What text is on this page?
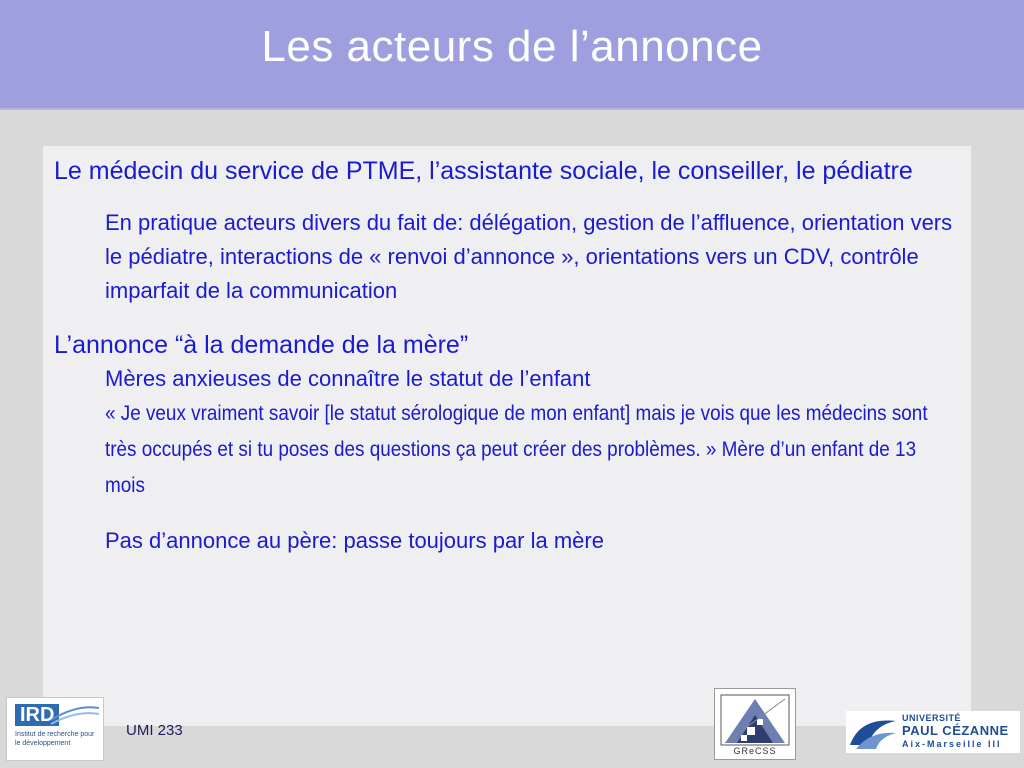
Les acteurs de l’annonce

Le médecin du service de PTME, l’assistante sociale, le conseiller, le pédiatre

En pratique acteurs divers du fait de: délégation, gestion de l’affluence, orientation vers le pédiatre, interactions de « renvoi d’annonce », orientations vers un CDV, contrôle imparfait de la communication

L’annonce “à la demande de la mère”

Mères anxieuses de connaître le statut de l’enfant

« Je veux vraiment savoir [le statut sérologique de mon enfant] mais je vois que les médecins sont très occupés et si tu poses des questions ça peut créer des problèmes. » Mère d’un enfant de 13 mois

Pas d’annonce au père: passe toujours par la mère

UMI 233
IRD
Institut de recherche pour le développement
GReCSS
UNIVERSITÉ
PAUL CÉZANNE
Aix-Marseille III
